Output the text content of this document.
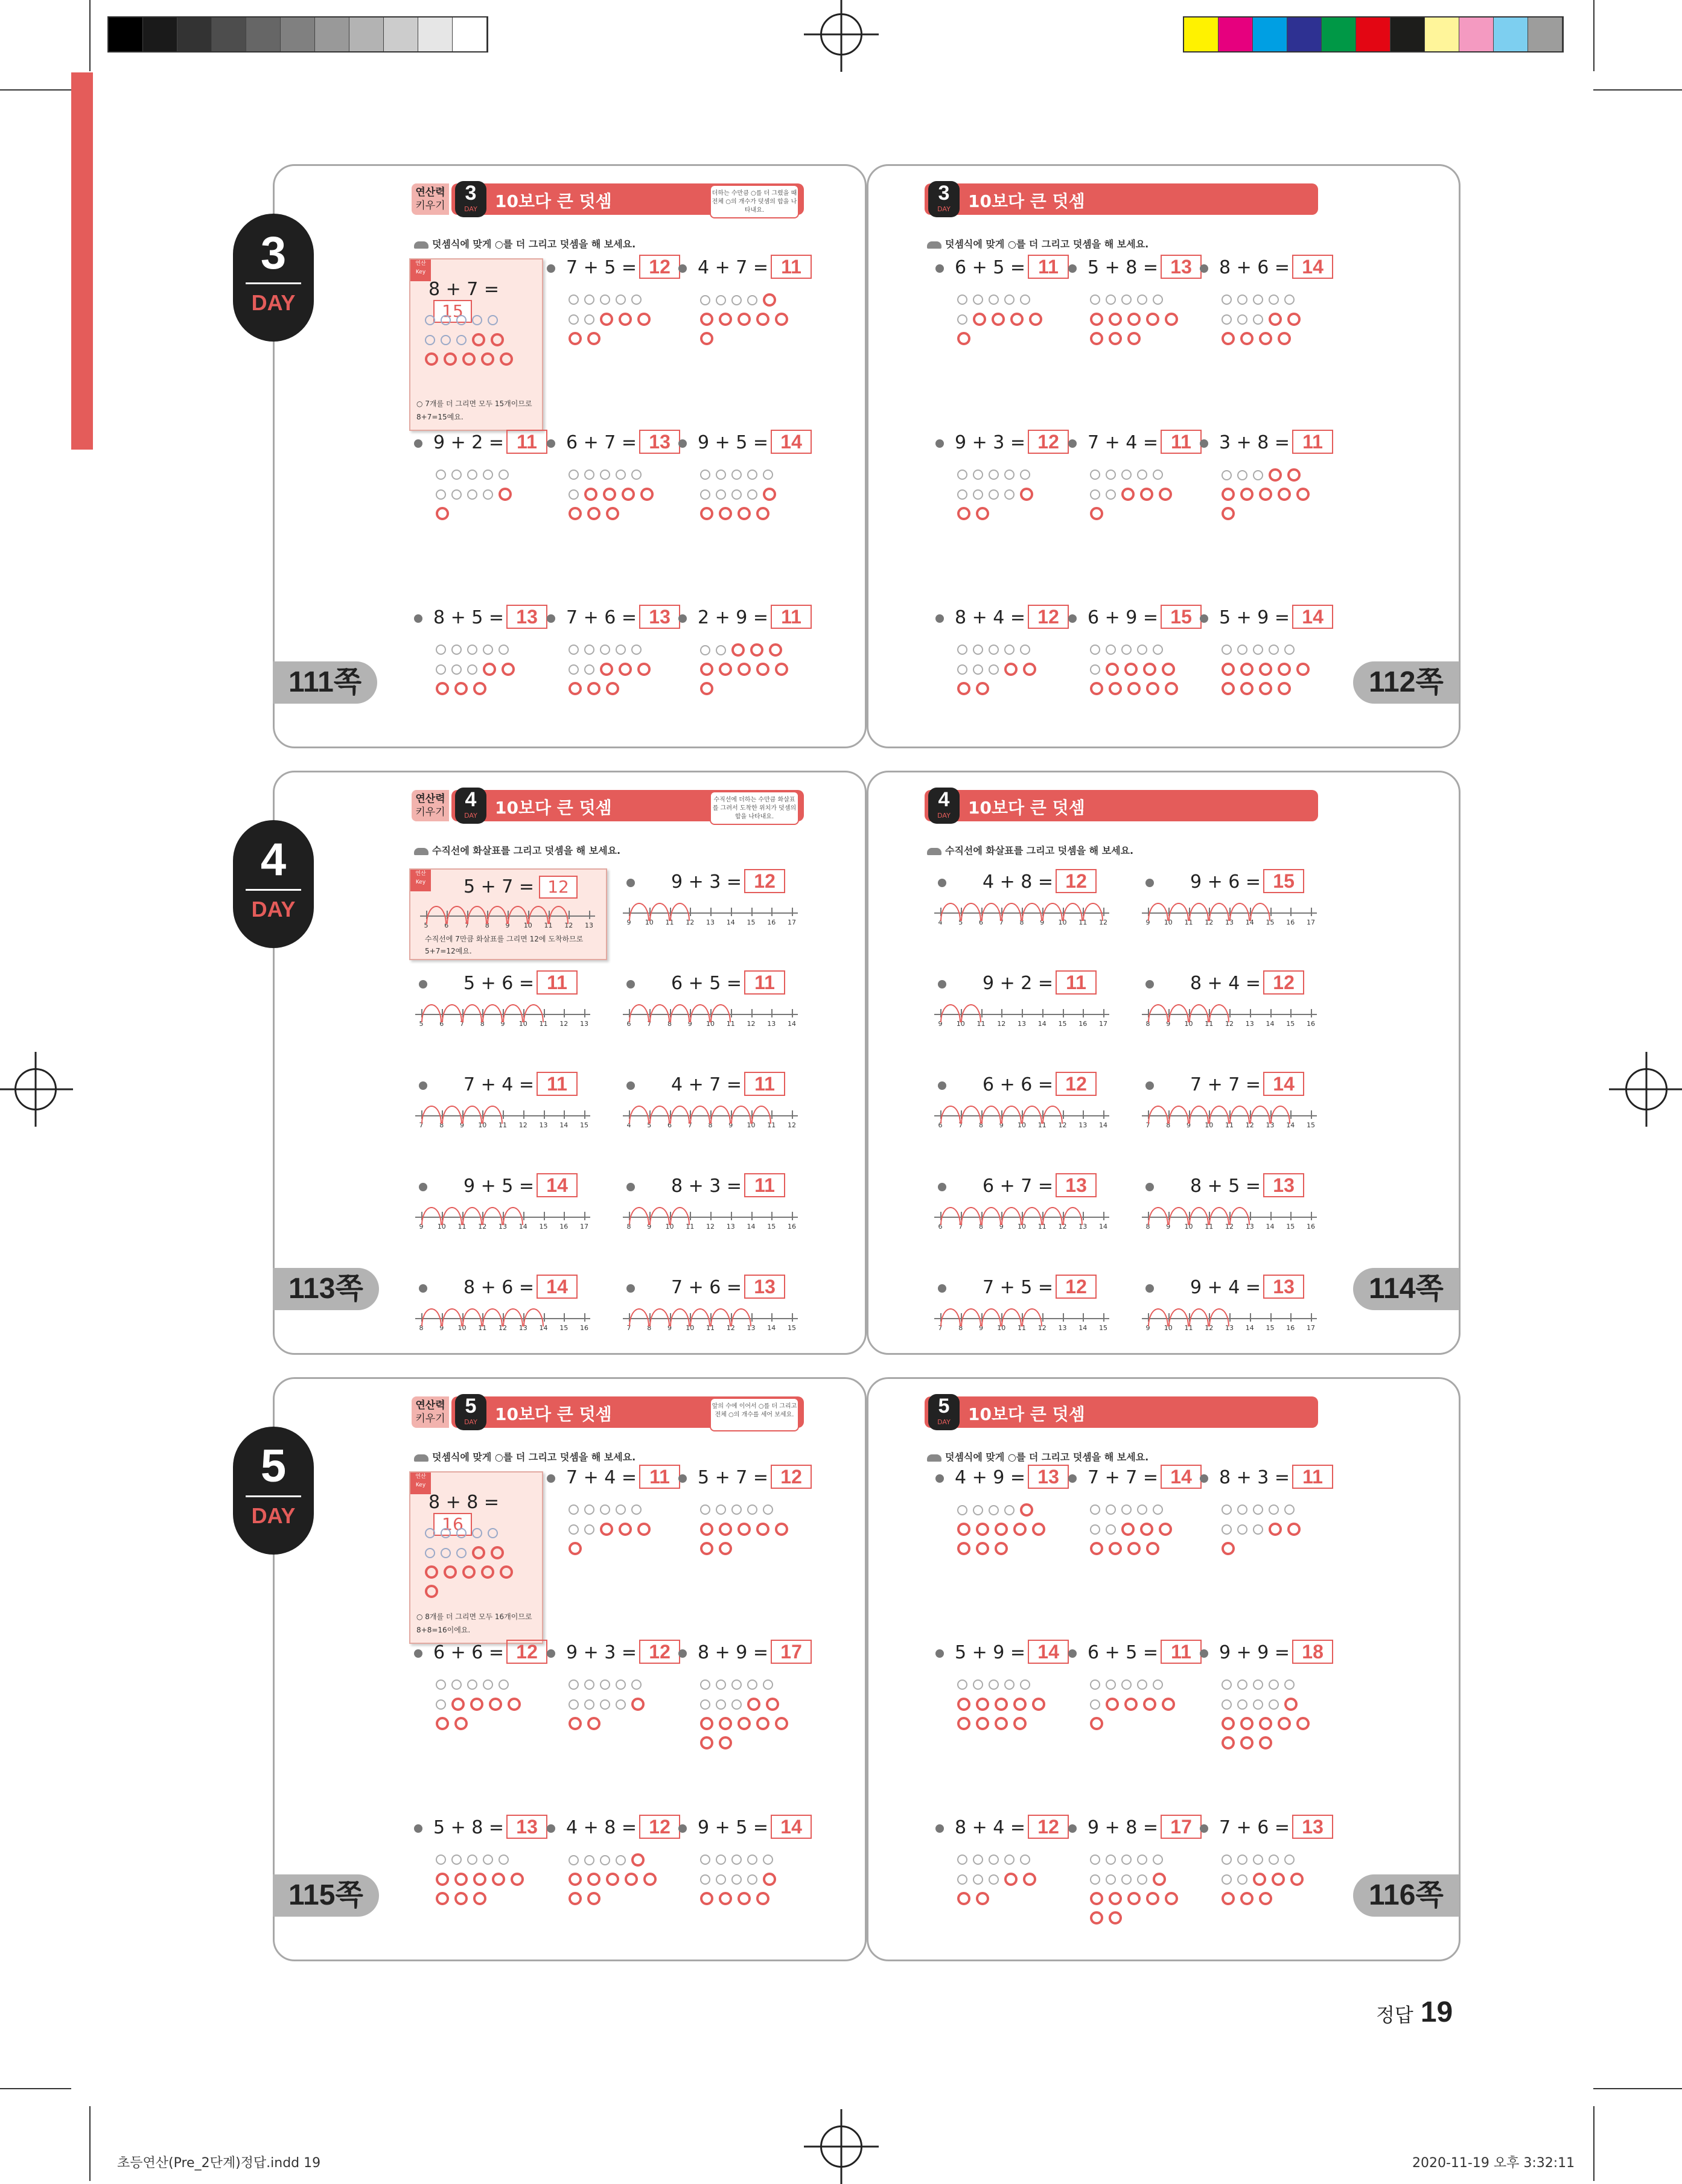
111쪽	112쪽
3
DAY
연산력
키우기
3
DAY	10보다 큰 덧셈	더하는 수만큼 ○를 더 그렸을 때 전체 ○의 개수가 덧셈의 합을 나타내요.
3
DAY	10보다 큰 덧셈
덧셈식에 맞게 ○를 더 그리고 덧셈을 해 보세요.	덧셈식에 맞게 ○를 더 그리고 덧셈을 해 보세요.
연산 Key
8 + 7 =15
○ 7개를 더 그리면 모두 15개이므로
8+7=15예요.
113쪽	114쪽
4
DAY
연산력
키우기
4
DAY	10보다 큰 덧셈	수직선에 더하는 수만큼 화살표를 그려서 도착한 위치가 덧셈의 합을 나타내요.
4
DAY	10보다 큰 덧셈
수직선에 화살표를 그리고 덧셈을 해 보세요.	수직선에 화살표를 그리고 덧셈을 해 보세요.
연산 Key 5 + 7 = 12
수직선에 7만큼 화살표를 그리면 12에 도착하므로
5+7=12예요.
5 6 7 8 9 10 11 12 13
115쪽	116쪽
5
DAY
연산력
키우기
5
DAY	10보다 큰 덧셈	앞의 수에 이어서 ○를 더 그리고 전체 ○의 개수를 세어 보세요.	5
DAY	10보다 큰 덧셈
덧셈식에 맞게 ○를 더 그리고 덧셈을 해 보세요.	덧셈식에 맞게 ○를 더 그리고 덧셈을 해 보세요.
연산 Key
8 + 8 =16
○ 8개를 더 그리면 모두 16개이므로
8+8=16이에요.
7 + 5 = 12	4 + 7 = 11
9 + 2 = 11	6 + 7 = 13	9 + 5 = 14
8 + 5 = 13	7 + 6 = 13	2 + 9 = 11
6 + 5 = 11	5 + 8 = 13	8 + 6 = 14
9 + 3 = 12	7 + 4 = 11	3 + 8 = 11
8 + 4 = 12	6 + 9 = 15	5 + 9 = 14
7 + 4 = 11	5 + 7 = 12
6 + 6 = 12	9 + 3 = 12	8 + 9 = 17
5 + 8 = 13	4 + 8 = 12	9 + 5 = 14
4 + 9 = 13	7 + 7 = 14	8 + 3 = 11
5 + 9 = 14	6 + 5 = 11	9 + 9 = 18
8 + 4 = 12	9 + 8 = 17	7 + 6 = 13
9 + 3 = 12
9 10 11 12 13 14 15 16 17
5 + 6 = 11
5 6 7 8 9 10 11 12 13
6 + 5 = 11
6 7 8 9 10 11 12 13 14
7 + 4 = 11
7 8 9 10 11 12 13 14 15
4 + 7 = 11
4 5 6 7 8 9 10 11 12
9 + 5 = 14
9 10 11 12 13 14 15 16 17
8 + 3 = 11
8 9 10 11 12 13 14 15 16
8 + 6 = 14
8 9 10 11 12 13 14 15 16
7 + 6 = 13
7 8 9 10 11 12 13 14 15
4 + 8 = 12
4 5 6 7 8 9 10 11 12
9 + 6 = 15
9 10 11 12 13 14 15 16 17
9 + 2 = 11
9 10 11 12 13 14 15 16 17
8 + 4 = 12
8 9 10 11 12 13 14 15 16
6 + 6 = 12
6 7 8 9 10 11 12 13 14
7 + 7 = 14
7 8 9 10 11 12 13 14 15
6 + 7 = 13
6 7 8 9 10 11 12 13 14
8 + 5 = 13
8 9 10 11 12 13 14 15 16
7 + 5 = 12
7 8 9 10 11 12 13 14 15
9 + 4 = 13
9 10 11 12 13 14 15 16 17
정답 19
초등연산(Pre_2단계)정답.indd 19	2020-11-19 오후 3:32:11
